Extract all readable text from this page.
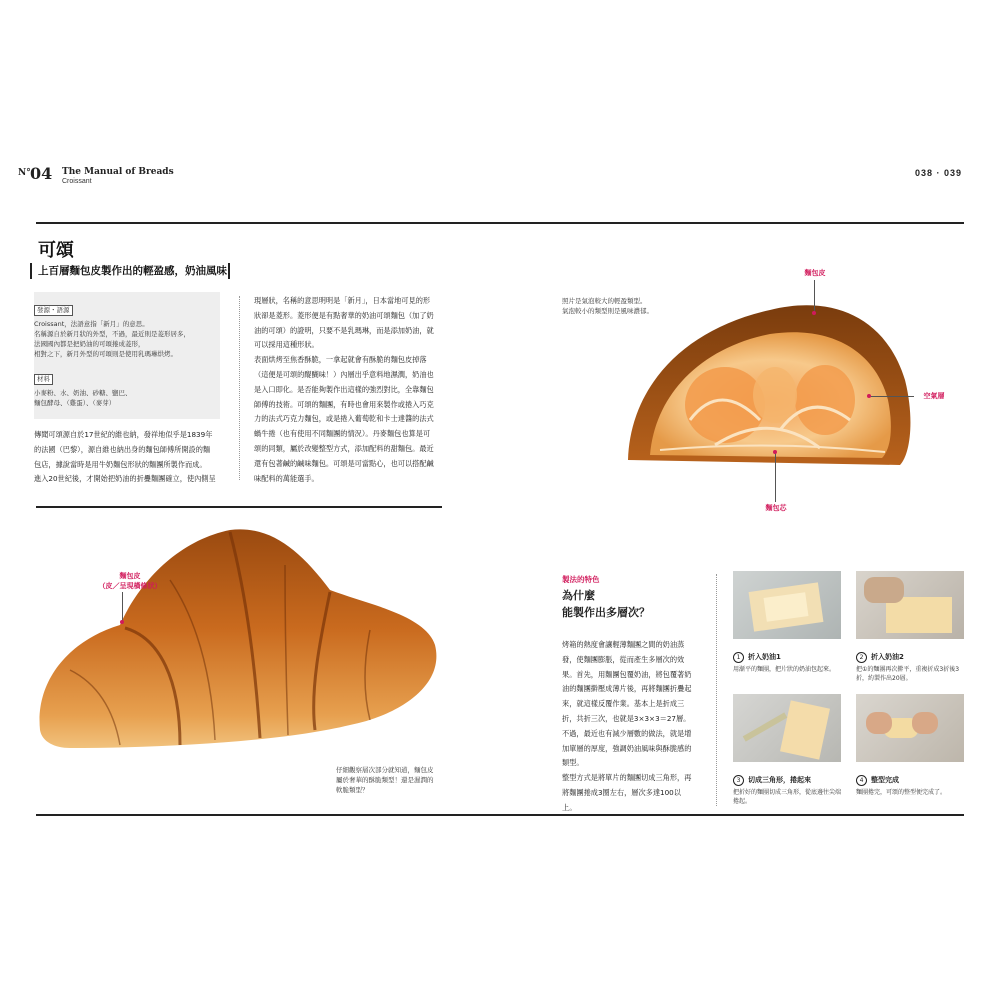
N° 04 The Manual of Breads
Croissant
038 · 039
可頌
上百層麵包皮製作出的輕盈感，奶油風味
發源・語源
Croissant，法語意指「新月」的意思。
名稱源自於新月狀的外型，不過，最近則是菱形居多，
法國國內都是把奶油的可頌捲成菱形，
相對之下，新月外型的可頌則是使用乳瑪琳烘烤。
材料
小麥粉、水、奶油、砂糖、鹽巴、
麵包酵母、（雞蛋）、（麥芽）
傳聞可頌源自於17世紀的維也納，發祥地似乎是1839年
的法國（巴黎），源自維也納出身的麵包師傅所開設的麵
包店，據說當時是用牛奶麵包形狀的麵團所製作而成。
進入20世紀後，才開始把奶油的折疊麵團確立，使內側呈
現層狀，名稱的意思明明是「新月」，日本當地可見的形
狀卻是菱形。菱形便是有點奢華的奶油可頌麵包（加了奶
油的可頌）的證明，只要不是乳瑪琳，而是添加奶油，就
可以採用這種形狀。
表面烘烤至焦香酥脆，一拿起就會有酥脆的麵包皮掉落
（這便是可頌的醍醐味！）內層出乎意料地濕潤，奶油也
是入口即化。是否能夠製作出這樣的強烈對比，全靠麵包
師傅的技術。可頌的麵團，有時也會用來製作或捲入巧克
力的法式巧克力麵包，或是捲入葡萄乾和卡士達醬的法式
蝸牛捲（也有使用不同麵團的情況）。丹麥麵包也算是可
頌的同類，屬於改變整型方式，添加配料的甜麵包。最近
還有包著鹹的鹹味麵包。可頌是可當點心，也可以搭配鹹
味配料的萬能選手。
照片是氣泡較大的輕盈類型。
氣泡較小的類型則是風味濃郁。
麵包皮
空氣層
麵包芯
麵包皮
（皮／呈現橫條狀）
仔細觀察層次部分就知道，麵包皮
屬於奢華的酥脆類型！還是濕潤的
軟脆類型？
製法的特色
為什麼
能製作出多層次？
烤箱的熱度會讓輕薄麵團之間的奶油蒸
發，使麵團膨脹，從而產生多層次的效
果。首先，用麵團包覆奶油，將包覆著奶
油的麵團擀壓成薄片後，再將麵團折疊起
來，就這樣反覆作業。基本上是折成三
折，共折三次，也就是3×3×3＝27層。
不過，最近也有減少層數的做法，就是增
加單層的厚度，強調奶油風味與酥脆感的
類型。
整型方式是將單片的麵團切成三角形，再
將麵團捲成3圈左右，層次多達100以
上。
1 折入奶油1
用漸平的麵團，把片狀的奶油包起來。
2 折入奶油2
把①的麵團再次擀平，重複折成3折後3
折，約製作出20層。
3 切成三角形，捲起來
把折好的麵團切成三角形，從底邊往尖端
捲起。
4 整型完成
麵團捲完，可頌的整型便完成了。
